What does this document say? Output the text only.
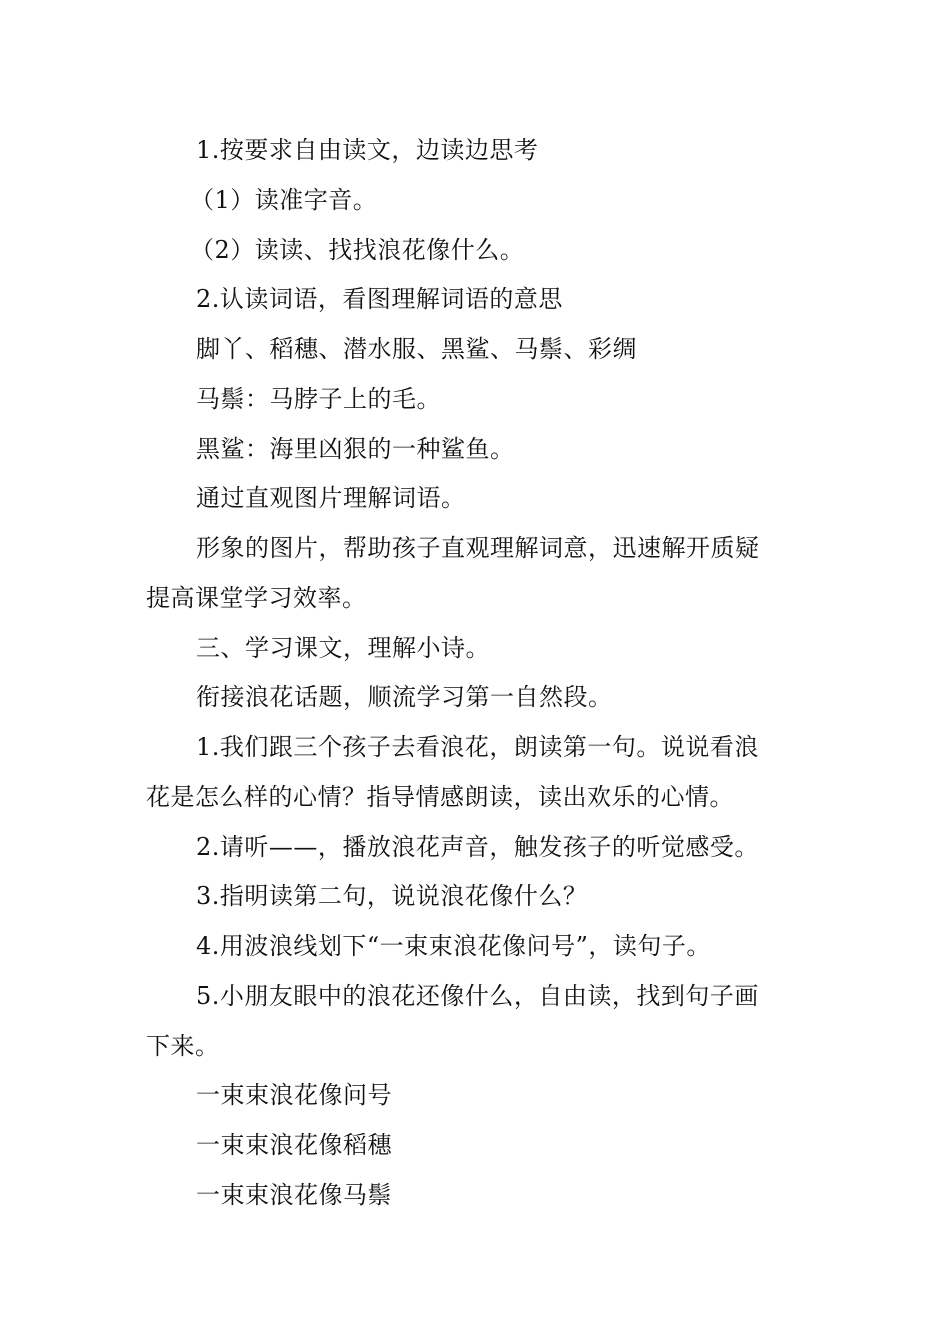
1.按要求自由读文，边读边思考
（1）读准字音。
（2）读读、找找浪花像什么。
2.认读词语，看图理解词语的意思
脚丫、稻穗、潜水服、黑鲨、马鬃、彩绸
马鬃：马脖子上的毛。
黑鲨：海里凶狠的一种鲨鱼。
通过直观图片理解词语。
形象的图片，帮助孩子直观理解词意，迅速解开质疑
提高课堂学习效率。
三、学习课文，理解小诗。
衔接浪花话题，顺流学习第一自然段。
1.我们跟三个孩子去看浪花，朗读第一句。说说看浪
花是怎么样的心情？指导情感朗读，读出欢乐的心情。
2.请听——，播放浪花声音，触发孩子的听觉感受。
3.指明读第二句，说说浪花像什么？
4.用波浪线划下“一束束浪花像问号”，读句子。
5.小朋友眼中的浪花还像什么，自由读，找到句子画
下来。
一束束浪花像问号
一束束浪花像稻穗
一束束浪花像马鬃
